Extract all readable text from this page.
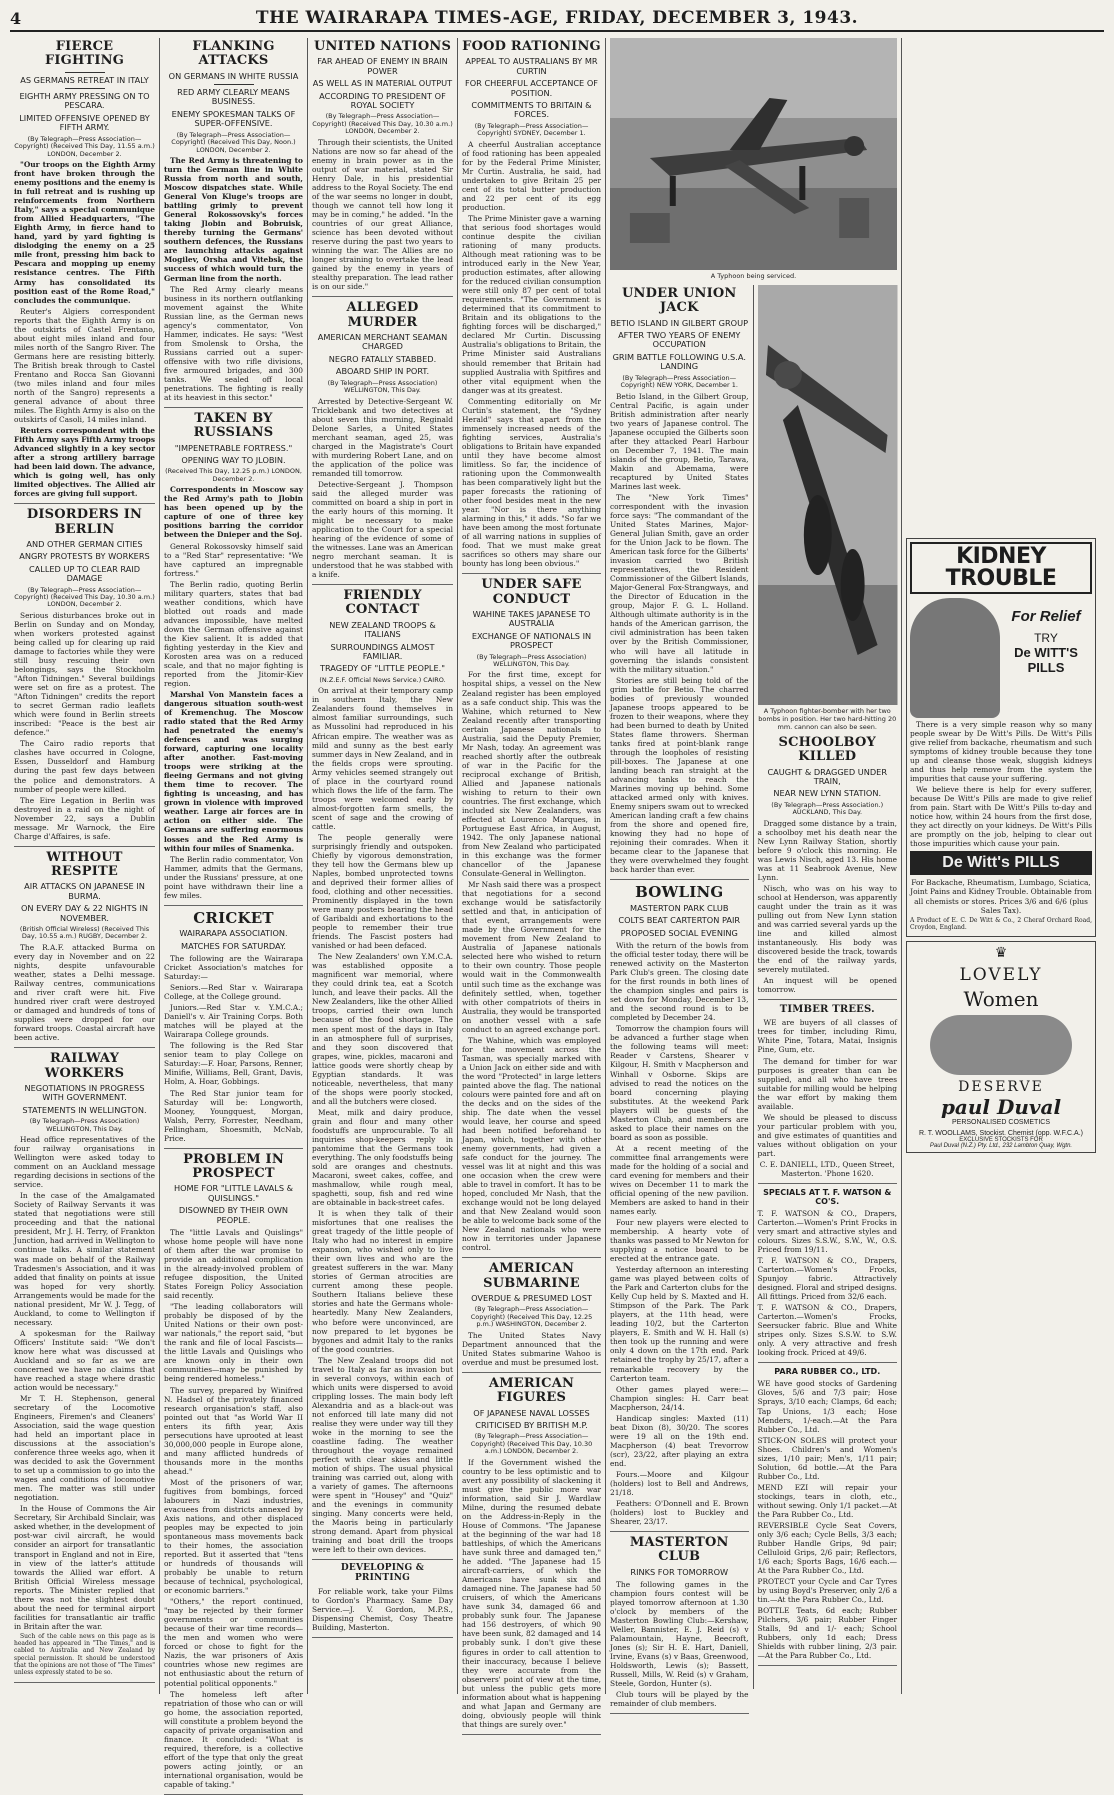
4	THE WAIRARAPA TIMES-AGE, FRIDAY, DECEMBER 3, 1943.
FIERCE FIGHTING
AS GERMANS RETREAT IN ITALY
EIGHTH ARMY PRESSING ON TO PESCARA.
LIMITED OFFENSIVE OPENED BY FIFTH ARMY.
(By Telegraph—Press Association—Copyright) (Received This Day, 11.55 a.m.) LONDON, December 2.

"Our troops on the Eighth Army front have broken through the enemy positions and the enemy is in full retreat and is rushing up reinforcements from Northern Italy," says a special communique from Allied Headquarters, "The Eighth Army, in fierce hand to hand, yard by yard fighting is dislodging the enemy on a 25 mile front, pressing him back to Pescara and mopping up enemy resistance centres. The Fifth Army has consolidated its position east of the Rome Road," concludes the communique.

Reuter's Algiers correspondent reports that the Eighth Army is on the outskirts of Castel Frentano, about eight miles inland and four miles north of the Sangro River. The Germans here are resisting bitterly. The British break through to Castel Frentano and Rocca San Giovanni (two miles inland and four miles north of the Sangro) represents a general advance of about three miles. The Eighth Army is also on the outskirts of Casoli, 14 miles inland.

Reuters correspondent with the Fifth Army says Fifth Army troops Advanced slightly in a key sector after a strong artillery barrage had been laid down. The advance, which is going well, has only limited objectives. The Allied air forces are giving full support.

DISORDERS IN BERLIN
AND OTHER GERMAN CITIES
ANGRY PROTESTS BY WORKERS
CALLED UP TO CLEAR RAID DAMAGE
(By Telegraph—Press Association—Copyright) (Received This Day, 10.30 a.m.) LONDON, December 2.

Serious disturbances broke out in Berlin on Sunday and on Monday, when workers protested against being called up for clearing up raid damage to factories while they were still busy rescuing their own belongings, says the Stockholm "Afton Tidningen." Several buildings were set on fire as a protest. The "Afton Tidningen" credits the report to secret German radio leaflets which were found in Berlin streets inscribed: "Peace is the best air defence."

The Cairo radio reports that clashes have occurred in Cologne, Essen, Dusseldorf and Hamburg during the past few days between the police and demonstrators. A number of people were killed.

The Eire Legation in Berlin was destroyed in a raid on the night of November 22, says a Dublin message. Mr Warnock, the Eire Charge d'Affaires, is safe.

WITHOUT RESPITE
AIR ATTACKS ON JAPANESE IN BURMA.
ON EVERY DAY & 22 NIGHTS IN NOVEMBER.
(British Official Wireless) (Received This Day, 10.55 a.m.) RUGBY, December 2.

The R.A.F. attacked Burma on every day in November and on 22 nights, despite unfavourable weather, states a Delhi message. Railway centres, communications and river craft were hit. Five hundred river craft were destroyed or damaged and hundreds of tons of supplies were dropped for our forward troops. Coastal aircraft have been active.

RAILWAY WORKERS
NEGOTIATIONS IN PROGRESS WITH GOVERNMENT.
STATEMENTS IN WELLINGTON.
(By Telegraph—Press Association) WELLINGTON, This Day.

Head office representatives of the four railway organisations in Wellington were asked today to comment on an Auckland message regarding decisions in sections of the service.

In the case of the Amalgamated Society of Railway Servants it was stated that negotiations were still proceeding and that the national president, Mr J. H. Terry, of Frankton Junction, had arrived in Wellington to continue talks. A similar statement was made on behalf of the Railway Tradesmen's Association, and it was added that finality on points at issue was hoped for very shortly. Arrangements would be made for the national president, Mr W. J. Tegg, of Auckland, to come to Wellington if necessary.

A spokesman for the Railway Officers' Institute said: "We don't know here what was discussed at Auckland and so far as we are concerned we have no claims that have reached a stage where drastic action would be necessary."

Mr T. H. Stephenson, general secretary of the Locomotive Engineers, Firemen's and Cleaners' Association, said the wage question had held an important place in discussions at the association's conference three weeks ago, when it was decided to ask the Government to set up a commission to go into the wages and conditions of locomotive men. The matter was still under negotiation.

In the House of Commons the Air Secretary, Sir Archibald Sinclair, was asked whether, in the development of post-war civil aircraft, he would consider an airport for transatlantic transport in England and not in Eire, in view of the latter's attitude towards the Allied war effort. A British Official Wireless message reports. The Minister replied that there was not the slightest doubt about the need for terminal airport facilities for transatlantic air traffic in Britain after the war.

Such of the cable news on this page as is headed has appeared in "The Times," and is cabled to Australia and New Zealand by special permission. It should be understood that the opinions are not those of "The Times" unless expressly stated to be so.

FLANKING ATTACKS
ON GERMANS IN WHITE RUSSIA
RED ARMY CLEARLY MEANS BUSINESS.
ENEMY SPOKESMAN TALKS OF SUPER-OFFENSIVE.
(By Telegraph—Press Association—Copyright) (Received This Day, Noon.) LONDON, December 2.

The Red Army is threatening to turn the German line in White Russia from north and south, Moscow dispatches state. While General Von Kluge's troops are battling grimly to prevent General Rokossovsky's forces taking Jlobin and Bobruisk, thereby turning the Germans' southern defences, the Russians are launching attacks against Mogilev, Orsha and Vitebsk, the success of which would turn the German line from the north.

The Red Army clearly means business in its northern outflanking movement against the White Russian line, as the German news agency's commentator, Von Hammer, indicates. He says: "West from Smolensk to Orsha, the Russians carried out a super-offensive with two rifle divisions, five armoured brigades, and 300 tanks. We sealed off local penetrations. The fighting is really at its heaviest in this sector."

TAKEN BY RUSSIANS
"IMPENETRABLE FORTRESS."
OPENING WAY TO JLOBIN.
(Received This Day, 12.25 p.m.) LONDON, December 2.

Correspondents in Moscow say the Red Army's path to Jlobin has been opened up by the capture of one of three key positions barring the corridor between the Dnieper and the Soj.

General Rokossovsky himself said to a "Red Star" representative: "We have captured an impregnable fortress."

The Berlin radio, quoting Berlin military quarters, states that bad weather conditions, which have blotted out roads and made advances impossible, have melted down the German offensive against the Kiev salient. It is added that fighting yesterday in the Kiev and Korosten area was on a reduced scale, and that no major fighting is reported from the Jitomir-Kiev region.

Marshal Von Manstein faces a dangerous situation south-west of Kremenchug. The Moscow radio stated that the Red Army had penetrated the enemy's defences and was surging forward, capturing one locality after another. Fast-moving troops were striking at the fleeing Germans and not giving them time to recover. The fighting is unceasing, and has grown in violence with improved weather. Large air forces are in action on either side. The Germans are suffering enormous losses and the Red Army is within four miles of Snamenka.

The Berlin radio commentator, Von Hammer, admits that the Germans, under the Russians' pressure, at one point have withdrawn their line a few miles.

CRICKET
WAIRARAPA ASSOCIATION.
MATCHES FOR SATURDAY.

The following are the Wairarapa Cricket Association's matches for Saturday:—

Seniors.—Red Star v. Wairarapa College, at the College ground.

Juniors.—Red Star v. Y.M.C.A.; Daniell's v. Air Training Corps. Both matches will be played at the Wairarapa College grounds.

The following is the Red Star senior team to play College on Saturday:—F. Hoar, Parsons, Renner, Minifie, Williams, Bell, Grant, Davis, Holm, A. Hoar, Gobbings.

The Red Star junior team for Saturday will be: Longworth, Mooney, Youngquest, Morgan, Walsh, Perry, Forrester, Needham, Fellingham, Shoesmith, McNab, Price.

PROBLEM IN PROSPECT
HOME FOR "LITTLE LAVALS & QUISLINGS."
DISOWNED BY THEIR OWN PEOPLE.

The "little Lavals and Quislings" whose home people will have none of them after the war promise to provide an additional complication in the already-involved problem of refugee disposition, the United States Foreign Policy Association said recently.

"The leading collaborators will probably be disposed of by the United Nations or their own post-war nationals," the report said, "but the rank and file of local Fascists—the little Lavals and Quislings who are known only in their own communities—may be punished by being rendered homeless."

The survey, prepared by Winifred N. Hadsel of the privately financed research organisation's staff, also pointed out that "as World War II enters its fifth year, Axis persecutions have uprooted at least 30,000,000 people in Europe alone, and many afflicted hundreds of thousands more in the months ahead."

Most of the prisoners of war, fugitives from bombings, forced labourers in Nazi industries, evacuees from districts annexed by Axis nations, and other displaced peoples may be expected to join spontaneous mass movements back to their homes, the association reported. But it asserted that "tens or hundreds of thousands will probably be unable to return because of technical, psychological, or economic barriers."

"Others," the report continued, "may be rejected by their former governments or communities because of their war time records—the men and women who were forced or chose to fight for the Nazis, the war prisoners of Axis countries whose new regimes are not enthusiastic about the return of potential political opponents."

The homeless left after repatriation of those who can or will go home, the association reported, will constitute a problem beyond the capacity of private organisation and finance. It concluded: "What is required, therefore, is a collective effort of the type that only the great powers acting jointly, or an international organisation, would be capable of taking."

UNITED NATIONS
FAR AHEAD OF ENEMY IN BRAIN POWER
AS WELL AS IN MATERIAL OUTPUT
ACCORDING TO PRESIDENT OF ROYAL SOCIETY
(By Telegraph—Press Association—Copyright) (Received This Day, 10.30 a.m.) LONDON, December 2.

Through their scientists, the United Nations are now so far ahead of the enemy in brain power as in the output of war material, stated Sir Henry Dale, in his presidential address to the Royal Society. The end of the war seems no longer in doubt, though we cannot tell how long it may be in coming," he added. "In the countries of our great Alliance, science has been devoted without reserve during the past two years to winning the war. The Allies are no longer straining to overtake the lead gained by the enemy in years of stealthy preparation. The lead rather is on our side."

ALLEGED MURDER
AMERICAN MERCHANT SEAMAN CHARGED
NEGRO FATALLY STABBED.
ABOARD SHIP IN PORT.
(By Telegraph—Press Association) WELLINGTON, This Day.

Arrested by Detective-Sergeant W. Tricklebank and two detectives at about seven this morning, Reginald Delone Sarles, a United States merchant seaman, aged 25, was charged in the Magistrate's Court with murdering Robert Lane, and on the application of the police was remanded till tomorrow.

Detective-Sergeant J. Thompson said the alleged murder was committed on board a ship in port in the early hours of this morning. It might be necessary to make application to the Court for a special hearing of the evidence of some of the witnesses. Lane was an American negro merchant seaman. It is understood that he was stabbed with a knife.

FRIENDLY CONTACT
NEW ZEALAND TROOPS & ITALIANS
SURROUNDINGS ALMOST FAMILIAR.
TRAGEDY OF "LITTLE PEOPLE."
(N.Z.E.F. Official News Service.) CAIRO.

On arrival at their temporary camp in southern Italy, the New Zealanders found themselves in almost familiar surroundings, such as Mussolini had reproduced in his African empire. The weather was as mild and sunny as the best early summer days in New Zealand, and in the fields crops were sprouting. Army vehicles seemed strangely out of place in the courtyard round which flows the life of the farm. The troops were welcomed early by almost-forgotten farm smells, the scent of sage and the crowing of cattle.

The people generally were surprisingly friendly and outspoken. Chiefly by vigorous demonstration, they tell how the Germans blew up Naples, bombed unprotected towns and deprived their former allies of food, clothing and other necessities. Prominently displayed in the town were many posters bearing the head of Garibaldi and exhortations to the people to remember their true friends. The Fascist posters had vanished or had been defaced.

The New Zealanders' own Y.M.C.A. was established opposite a magnificent war memorial, where they could drink tea, eat a Scotch lunch, and leave their packs. All the New Zealanders, like the other Allied troops, carried their own lunch because of the food shortage. The men spent most of the days in Italy in an atmosphere full of surprises, and they soon discovered that grapes, wine, pickles, macaroni and lattice goods were shortly cheap by Egyptian standards. It was noticeable, nevertheless, that many of the shops were poorly stocked, and all the butchers were closed.

Meat, milk and dairy produce, grain and flour and many other foodstuffs are unprocurable. To all inquiries shop-keepers reply in pantomime that the Germans took everything. The only foodstuffs being sold are oranges and chestnuts. Macaroni, sweet cakes, coffee, and mashmallow, while rough meal, spaghetti, soup, fish and red wine are obtainable in back-street cafes.

It is when they talk of their misfortunes that one realises the great tragedy of the little people of Italy who had no interest in empire expansion, who wished only to live their own lives and who are the greatest sufferers in the war. Many stories of German atrocities are current among these people. Southern Italians believe these stories and hate the Germans whole-heartedly. Many New Zealanders, who before were unconvinced, are now prepared to let bygones be bygones and admit Italy to the ranks of the good countries.

The New Zealand troops did not travel to Italy as far as invasion but in several convoys, within each of which units were dispersed to avoid crippling losses. The main body left Alexandria and as a black-out was not enforced till late many did not realise they were under way till they woke in the morning to see the coastline fading. The weather throughout the voyage remained perfect with clear skies and little motion of ships. The usual physical training was carried out, along with a variety of games. The afternoons were spent in "Housey" and "Quiz" and the evenings in community singing. Many concerts were held, the Maoris being in particularly strong demand. Apart from physical training and boat drill the troops were left to their own devices.

DEVELOPING & PRINTING

For reliable work, take your Films to Gordon's Pharmacy. Same Day Service.—J. V. Gordon, M.P.S., Dispensing Chemist, Cosy Theatre Building, Masterton.

FOOD RATIONING
APPEAL TO AUSTRALIANS BY MR CURTIN
FOR CHEERFUL ACCEPTANCE OF POSITION.
COMMITMENTS TO BRITAIN & FORCES.
(By Telegraph—Press Association—Copyright) SYDNEY, December 1.

A cheerful Australian acceptance of food rationing has been appealed for by the Federal Prime Minister, Mr Curtin. Australia, he said, had undertaken to give Britain 25 per cent of its total butter production and 22 per cent of its egg production.

The Prime Minister gave a warning that serious food shortages would continue despite the civilian rationing of many products. Although meat rationing was to be introduced early in the New Year, production estimates, after allowing for the reduced civilian consumption were still only 87 per cent of total requirements. "The Government is determined that its commitment to Britain and its obligations to the fighting forces will be discharged," declared Mr Curtin. Discussing Australia's obligations to Britain, the Prime Minister said Australians should remember that Britain had supplied Australia with Spitfires and other vital equipment when the danger was at its greatest.

Commenting editorially on Mr Curtin's statement, the "Sydney Herald" says that apart from the immensely increased needs of the fighting services, Australia's obligations to Britain have expanded until they have become almost limitless. So far, the incidence of rationing upon the Commonwealth has been comparatively light but the paper forecasts the rationing of other food besides meat in the new year. "Nor is there anything alarming in this," it adds. "So far we have been among the most fortunate of all warring nations in supplies of food. That we must make great sacrifices so others may share our bounty has long been obvious."

UNDER SAFE CONDUCT
WAHINE TAKES JAPANESE TO AUSTRALIA
EXCHANGE OF NATIONALS IN PROSPECT
(By Telegraph—Press Association) WELLINGTON, This Day.

For the first time, except for hospital ships, a vessel on the New Zealand register has been employed as a safe conduct ship. This was the Wahine, which returned to New Zealand recently after transporting certain Japanese nationals to Australia, said the Deputy Premier, Mr Nash, today. An agreement was reached shortly after the outbreak of war in the Pacific for the reciprocal exchange of British, Allied and Japanese nationals wishing to return to their own countries. The first exchange, which included six New Zealanders, was effected at Lourenco Marques, in Portuguese East Africa, in August, 1942. The only Japanese national from New Zealand who participated in this exchange was the former chancellor of the Japanese Consulate-General in Wellington.

Mr Nash said there was a prospect that negotiations for a second exchange would be satisfactorily settled and that, in anticipation of that event, arrangements were made by the Government for the movement from New Zealand to Australia of Japanese nationals selected here who wished to return to their own country. Those people would wait in the Commonwealth until such time as the exchange was definitely settled, when, together with other compatriots of theirs in Australia, they would be transported on another vessel with a safe conduct to an agreed exchange port.

The Wahine, which was employed for the movement across the Tasman, was specially marked with a Union Jack on either side and with the word "Protected" in large letters painted above the flag. The national colours were painted fore and aft on the decks and on the sides of the ship. The date when the vessel would leave, her course and speed had been notified beforehand to Japan, which, together with other enemy governments, had given a safe conduct for the journey. The vessel was lit at night and this was one occasion when the crew were able to travel in comfort. It has to be hoped, concluded Mr Nash, that the exchange would not be long delayed and that New Zealand would soon be able to welcome back some of the New Zealand nationals who were now in territories under Japanese control.

AMERICAN SUBMARINE
OVERDUE & PRESUMED LOST
(By Telegraph—Press Association—Copyright) (Received This Day, 12.25 p.m.) WASHINGTON, December 2.

The United States Navy Department announced that the United States submarine Wahoo is overdue and must be presumed lost.

AMERICAN FIGURES
OF JAPANESE NAVAL LOSSES
CRITICISED BY BRITISH M.P.
(By Telegraph—Press Association—Copyright) (Received This Day, 10.30 a.m.) LONDON, December 2.

If the Government wished the country to be less optimistic and to avert any possibility of slackening it must give the public more war information, said Sir J. Wardlaw Milne, during the resumed debate on the Address-in-Reply in the House of Commons. "The Japanese at the beginning of the war had 18 battleships, of which the Americans have sunk three and damaged ten," he added. "The Japanese had 15 aircraft-carriers, of which the Americans have sunk six and damaged nine. The Japanese had 50 cruisers, of which the Americans have sunk 34, damaged 66 and probably sunk four. The Japanese had 156 destroyers, of which 90 have been sunk, 82 damaged and 14 probably sunk. I don't give these figures in order to call attention to their inaccuracy, because I believe they were accurate from the observers' point of view at the time, but unless the public gets more information about what is happening and what Japan and Germany are doing, obviously people will think that things are surely over."

A Typhoon being serviced.
UNDER UNION JACK
BETIO ISLAND IN GILBERT GROUP
AFTER TWO YEARS OF ENEMY OCCUPATION
GRIM BATTLE FOLLOWING U.S.A. LANDING
(By Telegraph—Press Association—Copyright) NEW YORK, December 1.

Betio Island, in the Gilbert Group, Central Pacific, is again under British administration after nearly two years of Japanese control. The Japanese occupied the Gilberts soon after they attacked Pearl Harbour on December 7, 1941. The main islands of the group, Betio, Tarawa, Makin and Abemama, were recaptured by United States Marines last week.

The "New York Times" correspondent with the invasion force says: "The commandant of the United States Marines, Major-General Julian Smith, gave an order for the Union Jack to be flown. The American task force for the Gilberts' invasion carried two British representatives, the Resident Commissioner of the Gilbert Islands, Major-General Fox-Strangways, and the Director of Education in the group, Major F. G. L. Holland. Although ultimate authority is in the hands of the American garrison, the civil administration has been taken over by the British Commissioner, who will have all latitude in governing the islands consistent with the military situation."

Stories are still being told of the grim battle for Betio. The charred bodies of previously wounded Japanese troops appeared to be frozen to their weapons, where they had been burned to death by United States flame throwers. Sherman tanks fired at point-blank range through the loopholes of resisting pill-boxes. The Japanese at one landing beach ran straight at the advancing tanks to reach the Marines moving up behind. Some attacked armed only with knives. Enemy snipers swam out to wrecked American landing craft a few chains from the shore and opened fire, knowing they had no hope of rejoining their comrades. When it became clear to the Japanese that they were overwhelmed they fought back harder than ever.

BOWLING
MASTERTON PARK CLUB
COLTS BEAT CARTERTON PAIR
PROPOSED SOCIAL EVENING

With the return of the bowls from the official tester today, there will be renewed activity on the Masterton Park Club's green. The closing date for the first rounds in both lines of the champion singles and pairs is set down for Monday, December 13, and the second round is to be completed by December 24.

Tomorrow the champion fours will be advanced a further stage when the following teams will meet: Reader v Carstens, Shearer v Kilgour, H. Smith v Macpherson and Winhall v Osborne. Skips are advised to read the notices on the board concerning playing substitutes. At the weekend Park players will be guests of the Masterton Club, and members are asked to place their names on the board as soon as possible.

At a recent meeting of the committee final arrangements were made for the holding of a social and card evening for members and their wives on December 11 to mark the official opening of the new pavilion. Members are asked to hand in their names early.

Four new players were elected to membership. A hearty vote of thanks was passed to Mr Newton for supplying a notice board to be erected at the entrance gate.

Yesterday afternoon an interesting game was played between colts of the Park and Carterton clubs for the Kelly Cup held by S. Maxted and H. Stimpson of the Park. The Park players, at the 11th head, were leading 10/2, but the Carterton players, E. Smith and W. H. Hall (s) then took up the running and were only 4 down on the 17th end. Park retained the trophy by 25/17, after a remarkable recovery by the Carterton team.

Other games played were:— Champion singles: H. Carr beat Macpherson, 24/14.

Handicap singles: Maxted (11) beat Dixon (8), 30/20. The scores were 19 all on the 19th end. Macpherson (4) beat Trevorrow (scr), 23/22, after playing an extra end.

Fours.—Moore and Kilgour (holders) lost to Bell and Andrews, 21/18.

Feathers: O'Donnell and E. Brown (holders) lost to Buckley and Shearer, 23/17.

MASTERTON CLUB
RINKS FOR TOMORROW

The following games in the champion fours contest will be played tomorrow afternoon at 1.30 o'clock by members of the Masterton Bowling Club:—Kershaw, Weller, Bannister, E. J. Reid (s) v Palamountain, Hayne, Beecroft, Jones (s); Sir H. E. Hart, Daniell, Irvine, Evans (s) v Baas, Greenwood, Holdsworth, Lewis (s); Bassett, Russell, Mills, W. Reid (s) v Graham, Steele, Gordon, Hunter (s).

Club tours will be played by the remainder of club members.

A Typhoon fighter-bomber with her two bombs in position. Her two hard-hitting 20 mm. cannon can also be seen.
SCHOOLBOY KILLED
CAUGHT & DRAGGED UNDER TRAIN,
NEAR NEW LYNN STATION.
(By Telegraph—Press Association.) AUCKLAND, This Day.

Dragged some distance by a train, a schoolboy met his death near the New Lynn Railway Station, shortly before 9 o'clock this morning. He was Lewis Nisch, aged 13. His home was at 11 Seabrook Avenue, New Lynn.

Nisch, who was on his way to school at Henderson, was apparently caught under the train as it was pulling out from New Lynn station and was carried several yards up the line and killed almost instantaneously. His body was discovered beside the track, towards the end of the railway yards, severely mutilated.

An inquest will be opened tomorrow.

TIMBER TREES.

WE are buyers of all classes of trees for timber, including Rimu, White Pine, Totara, Matai, Insignis Pine, Gum, etc.

The demand for timber for war purposes is greater than can be supplied, and all who have trees suitable for milling would be helping the war effort by making them available.

We should be pleased to discuss your particular problem with you, and give estimates of quantities and values without obligation on your part.

C. E. DANIELL, LTD., Queen Street, Masterton. 'Phone 1620.

SPECIALS AT T. F. WATSON & CO'S.

T. F. WATSON & CO., Drapers, Carterton.—Women's Print Frocks in very smart and attractive styles and colours. Sizes S.S.W., S.W., W., O.S. Priced from 19/11.

T. F. WATSON & CO., Drapers, Carterton.—Women's Frocks, Spunjoy fabric. Attractively designed. Floral and striped designs. All fittings. Priced from 32/6 each.

T. F. WATSON & CO., Drapers, Carterton.—Women's Frocks, Seersucker fabric. Blue and White stripes only. Sizes S.S.W. to S.W. only. A very attractive and fresh looking frock. Priced at 49/6.

PARA RUBBER CO., LTD.

WE have good stocks of Gardening Gloves, 5/6 and 7/3 pair; Hose Sprays, 3/10 each; Clamps, 6d each; Tap Unions, 1/3 each; Hose Menders, 1/-each.—At the Para Rubber Co., Ltd.

STICK-ON SOLES will protect your Shoes. Children's and Women's sizes, 1/10 pair; Men's, 1/11 pair; Solution, 6d bottle.—At the Para Rubber Co., Ltd.

MEND EZI will repair your stockings, tears in cloth, etc., without sewing. Only 1/1 packet.—At the Para Rubber Co., Ltd.

REVERSIBLE Cycle Seat Covers, only 3/6 each; Cycle Bells, 3/3 each; Rubber Handle Grips, 9d pair; Celluloid Grips, 2/6 pair; Reflectors, 1/6 each; Sports Bags, 16/6 each.—At the Para Rubber Co., Ltd.

PROTECT your Cycle and Car Tyres by using Boyd's Preserver, only 2/6 a tin.—At the Para Rubber Co., Ltd.

BOTTLE Teats, 6d each; Rubber Pilchers, 3/6 pair; Rubber Finger Stalls, 9d and 1/- each; School Rubbers, only 1d each; Dress Shields with rubber lining, 2/3 pair.—At the Para Rubber Co., Ltd.

KIDNEY TROUBLE
For Relief
TRY
De WITT'S
PILLS

There is a very simple reason why so many people swear by De Witt's Pills. De Witt's Pills give relief from backache, rheumatism and such symptoms of kidney trouble because they tone up and cleanse those weak, sluggish kidneys and thus help remove from the system the impurities that cause your suffering.

We believe there is help for every sufferer, because De Witt's Pills are made to give relief from pain. Start with De Witt's Pills to-day and notice how, within 24 hours from the first dose, they act directly on your kidneys. De Witt's Pills are promptly on the job, helping to clear out those impurities which cause your pain.

De Witt's PILLS

For Backache, Rheumatism, Lumbago, Sciatica, Joint Pains and Kidney Trouble. Obtainable from all chemists or stores. Prices 3/6 and 6/6 (plus Sales Tax).

A Product of E. C. De Witt & Co., 2 Cheraf Orchard Road, Croydon, England.

♛
LOVELY
Women
DESERVE
paul Duval
PERSONALISED COSMETICS
R. T. WOOLLAMS, Stockist. Chemist (opp. W.F.C.A.)
EXCLUSIVE STOCKISTS FOR
Paul Duval (N.Z.) Pty. Ltd., 232 Lambton Quay, Wgtn.
